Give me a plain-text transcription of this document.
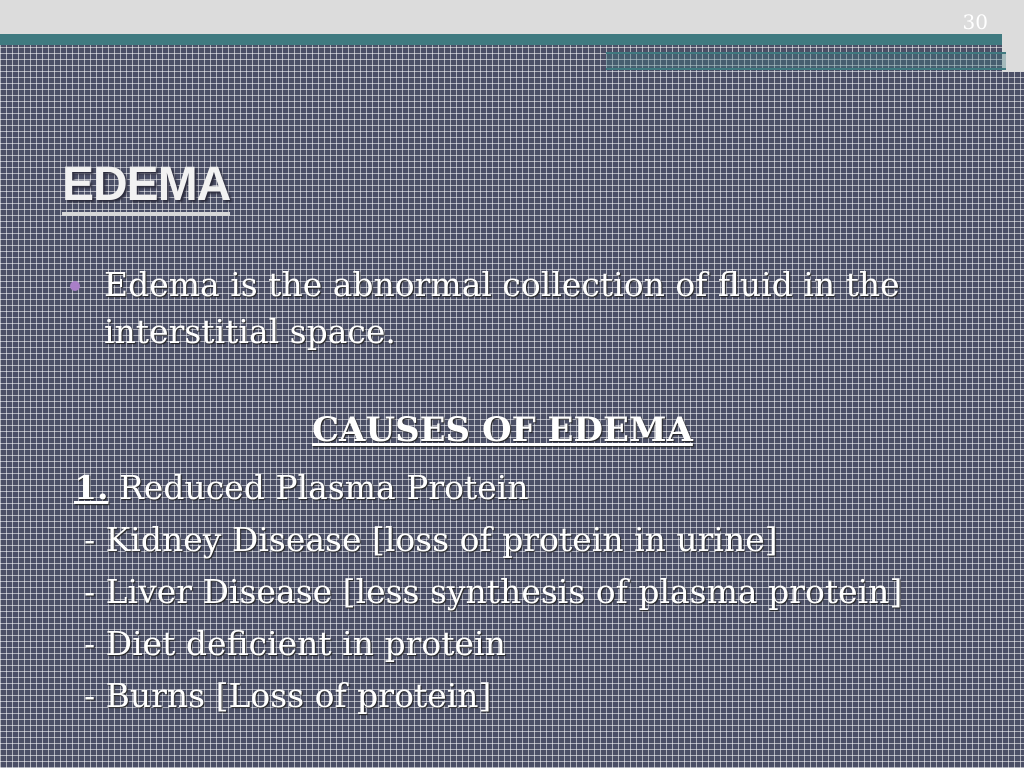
30
EDEMA
Edema is the abnormal collection of fluid in the interstitial space.
CAUSES OF EDEMA
1. Reduced Plasma Protein
- Kidney Disease [loss of protein in urine]
- Liver Disease [less synthesis of plasma protein]
- Diet deficient in protein
- Burns [Loss of protein]
